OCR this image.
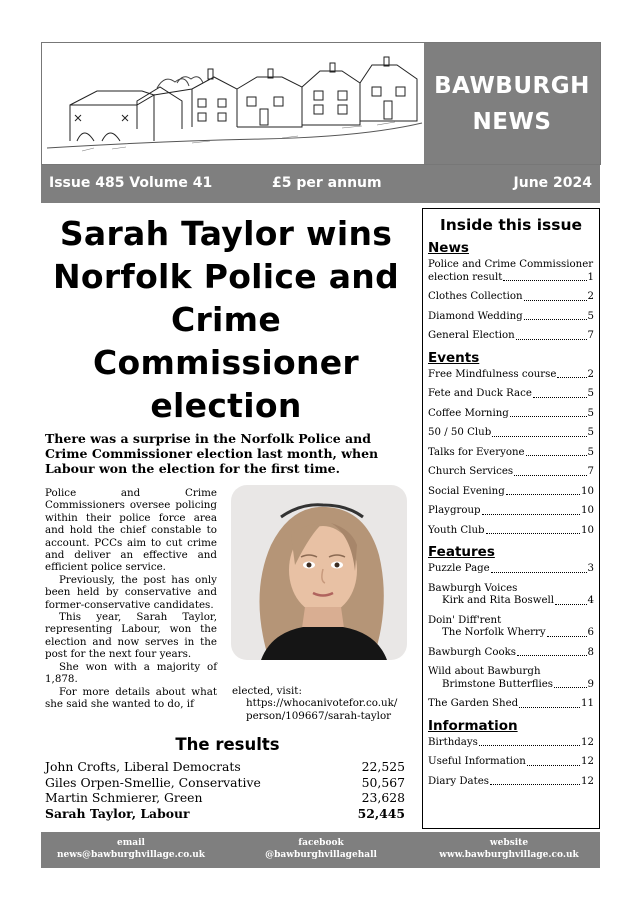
BAWBURGH
NEWS
Issue 485 Volume 41	£5 per annum	June 2024
Sarah Taylor wins Norfolk Police and Crime Commissioner election
There was a surprise in the Norfolk Police and Crime Commissioner election last month, when Labour won the election for the first time.

Police and Crime Commissioners oversee policing within their police force area and hold the chief constable to account. PCCs aim to cut crime and deliver an effective and efficient police service.

Previously, the post has only been held by conservative and former-conservative candidates.

This year, Sarah Taylor, representing Labour, won the election and now serves in the post for the next four years.

She won with a majority of 1,878.

For more details about what she said she wanted to do, if

elected, visit:
https://whocanivotefor.co.uk/ person/109667/sarah-taylor
The results
John Crofts, Liberal Democrats	22,525
Giles Orpen-Smellie, Conservative	50,567
Martin Schmierer, Green	23,628
Sarah Taylor, Labour	52,445
Inside this issue
News
Police and Crime Commissioner
election result	1
Clothes Collection	2
Diamond Wedding	5
General Election	7
Events
Free Mindfulness course	2
Fete and Duck Race	5
Coffee Morning	5
50 / 50 Club	5
Talks for Everyone	5
Church Services	7
Social Evening	10
Playgroup	10
Youth Club	10
Features
Puzzle Page	3
Bawburgh Voices
Kirk and Rita Boswell	4
Doin' Diff'rent
The Norfolk Wherry	6
Bawburgh Cooks	8
Wild about Bawburgh
Brimstone Butterflies	9
The Garden Shed	11
Information
Birthdays	12
Useful Information	12
Diary Dates	12
email
news@bawburghvillage.co.uk
facebook
@bawburghvillagehall
website
www.bawburghvillage.co.uk
